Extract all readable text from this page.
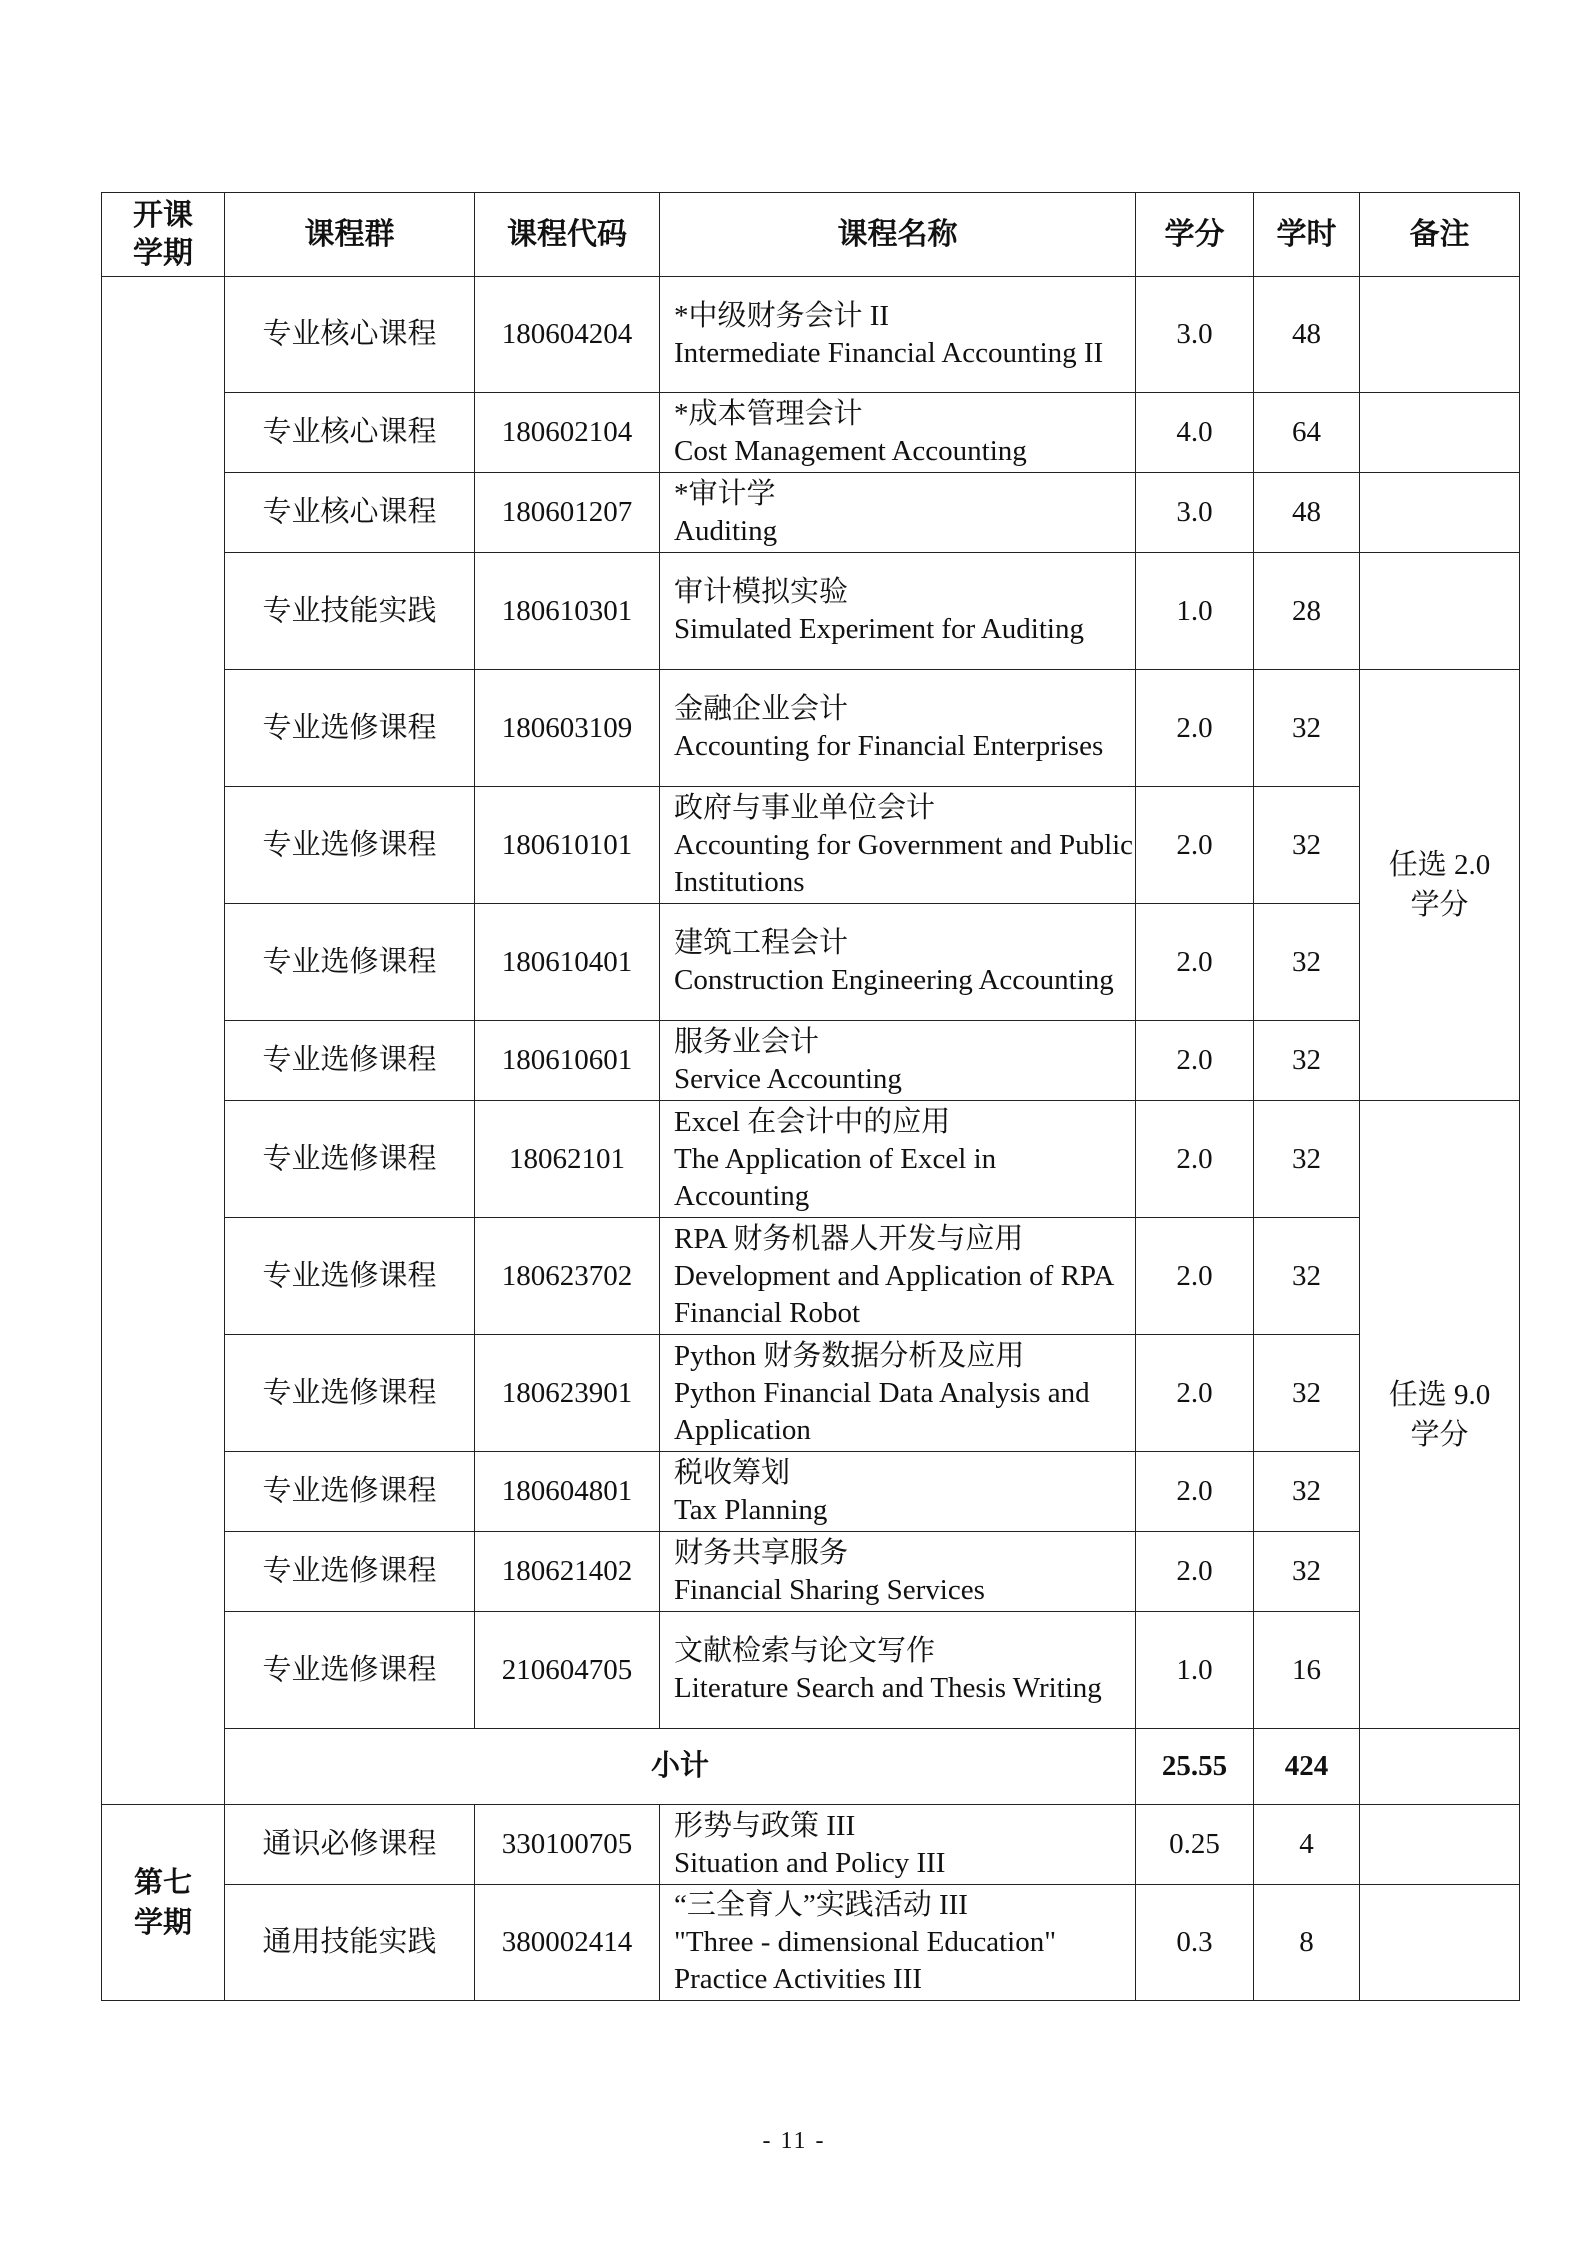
开课学期	课程群	课程代码	课程名称	学分	学时	备注
	专业核心课程	180604204	*中级财务会计 II
Intermediate Financial Accounting II	3.0	48	
	专业核心课程	180602104	*成本管理会计
Cost Management Accounting	4.0	64	
	专业核心课程	180601207	*审计学
Auditing	3.0	48	
	专业技能实践	180610301	审计模拟实验
Simulated Experiment for Auditing	1.0	28	
	专业选修课程	180603109	金融企业会计
Accounting for Financial Enterprises	2.0	32	任选 2.0 学分
	专业选修课程	180610101	政府与事业单位会计
Accounting for Government and Public Institutions	2.0	32	
	专业选修课程	180610401	建筑工程会计
Construction Engineering Accounting	2.0	32	
	专业选修课程	180610601	服务业会计
Service Accounting	2.0	32	
	专业选修课程	18062101	Excel 在会计中的应用
The Application of Excel in Accounting	2.0	32	任选 9.0 学分
	专业选修课程	180623702	RPA 财务机器人开发与应用
Development and Application of RPA Financial Robot	2.0	32	
	专业选修课程	180623901	Python 财务数据分析及应用
Python Financial Data Analysis and Application	2.0	32	
	专业选修课程	180604801	税收筹划
Tax Planning	2.0	32	
	专业选修课程	180621402	财务共享服务
Financial Sharing Services	2.0	32	
	专业选修课程	210604705	文献检索与论文写作
Literature Search and Thesis Writing	1.0	16	
	小计			25.55	424	
第七学期	通识必修课程	330100705	形势与政策 III
Situation and Policy III	0.25	4	
	通用技能实践	380002414	“三全育人”实践活动 III
"Three - dimensional Education" Practice Activities III	0.3	8	
- 11 -
